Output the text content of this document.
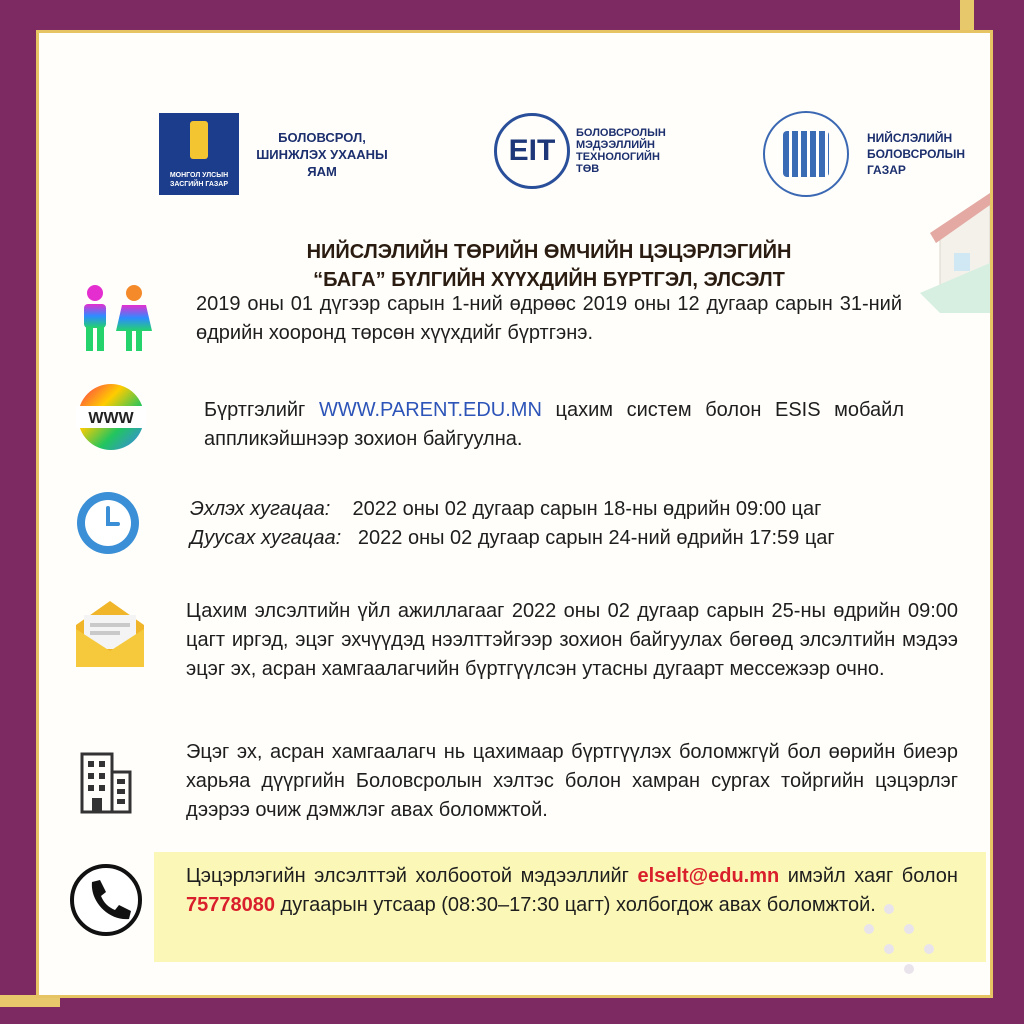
МОНГОЛ УЛСЫН ЗАСГИЙН ГАЗАР
БОЛОВСРОЛ, ШИНЖЛЭХ УХААНЫ ЯАМ
EIT
БОЛОВСРОЛЫН МЭДЭЭЛЛИЙН ТЕХНОЛОГИЙН ТӨВ
НИЙСЛЭЛИЙН БОЛОВСРОЛЫН ГАЗАР
НИЙСЛЭЛИЙН ТӨРИЙН ӨМЧИЙН ЦЭЦЭРЛЭГИЙН
“БАГА” БҮЛГИЙН ХҮҮХДИЙН БҮРТГЭЛ, ЭЛСЭЛТ
2019 оны 01 дүгээр сарын 1-ний өдрөөс 2019 оны 12 дугаар сарын 31-ний өдрийн хооронд төрсөн хүүхдийг бүртгэнэ.
WWW	Бүртгэлийг WWW.PARENT.EDU.MN цахим систем болон ESIS мобайл аппликэйшнээр зохион байгуулна.
Эхлэх хугацаа: 2022 оны 02 дугаар сарын 18-ны өдрийн 09:00 цаг
Дуусах хугацаа: 2022 оны 02 дугаар сарын 24-ний өдрийн 17:59 цаг
Цахим элсэлтийн үйл ажиллагааг 2022 оны 02 дугаар сарын 25-ны өдрийн 09:00 цагт иргэд, эцэг эхчүүдэд нээлттэйгээр зохион байгуулах бөгөөд элсэлтийн мэдээ эцэг эх, асран хамгаалагчийн бүртгүүлсэн утасны дугаарт мессежээр очно.
Эцэг эх, асран хамгаалагч нь цахимаар бүртгүүлэх боломжгүй бол өөрийн биеэр харьяа дүүргийн Боловсролын хэлтэс болон хамран сургах тойргийн цэцэрлэг дээрээ очиж дэмжлэг авах боломжтой.
Цэцэрлэгийн элсэлттэй холбоотой мэдээллийг elselt@edu.mn имэйл хаяг болон 75778080 дугаарын утсаар (08:30–17:30 цагт) холбогдож авах боломжтой.
